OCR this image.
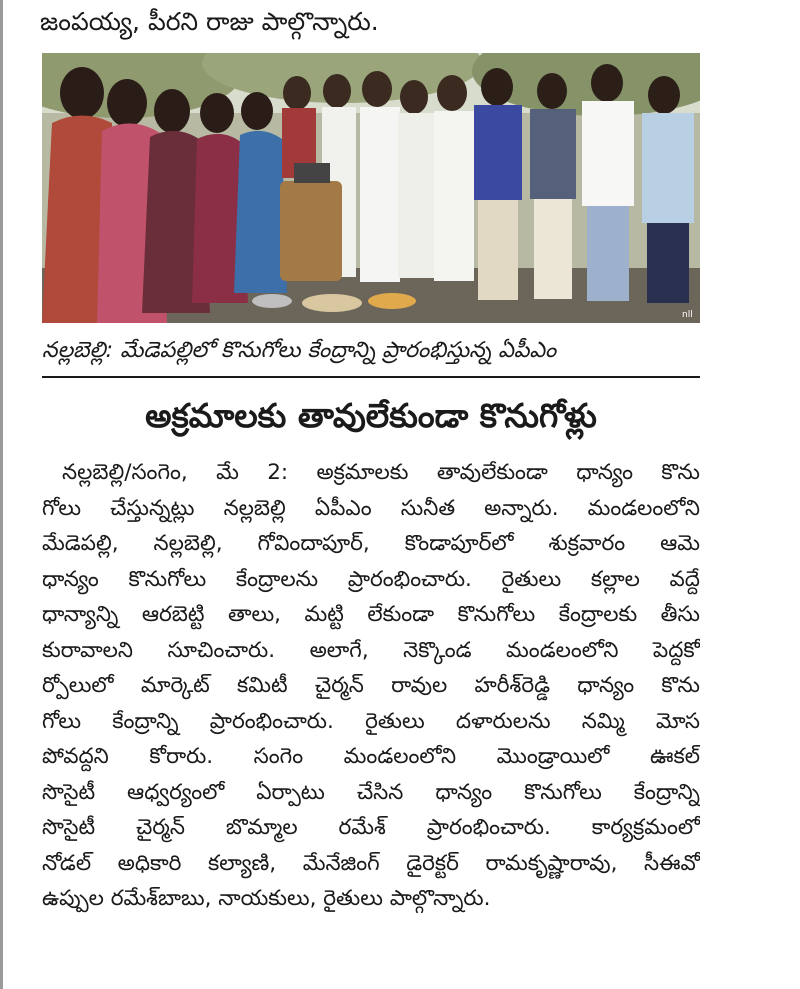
జంపయ్య, పీరని రాజు పాల్గొన్నారు.
nll
నల్లబెల్లి: మేడెపల్లిలో కొనుగోలు కేంద్రాన్ని ప్రారంభిస్తున్న ఏపీఎం
అక్రమాలకు తావులేకుండా కొనుగోళ్లు
నల్లబెల్లి/సంగెం, మే 2: అక్రమాలకు తావులేకుండా ధాన్యం కొను
గోలు చేస్తున్నట్లు నల్లబెల్లి ఏపీఎం సునీత అన్నారు. మండలంలోని
మేడెపల్లి, నల్లబెల్లి, గోవిందాపూర్, కొండాపూర్‌లో శుక్రవారం ఆమె
ధాన్యం కొనుగోలు కేంద్రాలను ప్రారంభించారు. రైతులు కల్లాల వద్దే
ధాన్యాన్ని ఆరబెట్టి తాలు, మట్టి లేకుండా కొనుగోలు కేంద్రాలకు తీసు
కురావాలని సూచించారు. అలాగే, నెక్కొండ మండలంలోని పెద్దకో
ర్పోలులో మార్కెట్ కమిటీ చైర్మన్ రావుల హరీశ్‌రెడ్డి ధాన్యం కొను
గోలు కేంద్రాన్ని ప్రారంభించారు. రైతులు దళారులను నమ్మి మోస
పోవద్దని కోరారు. సంగెం మండలంలోని మొండ్రాయిలో ఊకల్
సొసైటీ ఆధ్వర్యంలో ఏర్పాటు చేసిన ధాన్యం కొనుగోలు కేంద్రాన్ని
సొసైటీ చైర్మన్ బొమ్మాల రమేశ్ ప్రారంభించారు. కార్యక్రమంలో
నోడల్ అధికారి కల్యాణి, మేనేజింగ్ డైరెక్టర్ రామకృష్ణారావు, సీఈవో
ఉప్పుల రమేశ్‌బాబు, నాయకులు, రైతులు పాల్గొన్నారు.
